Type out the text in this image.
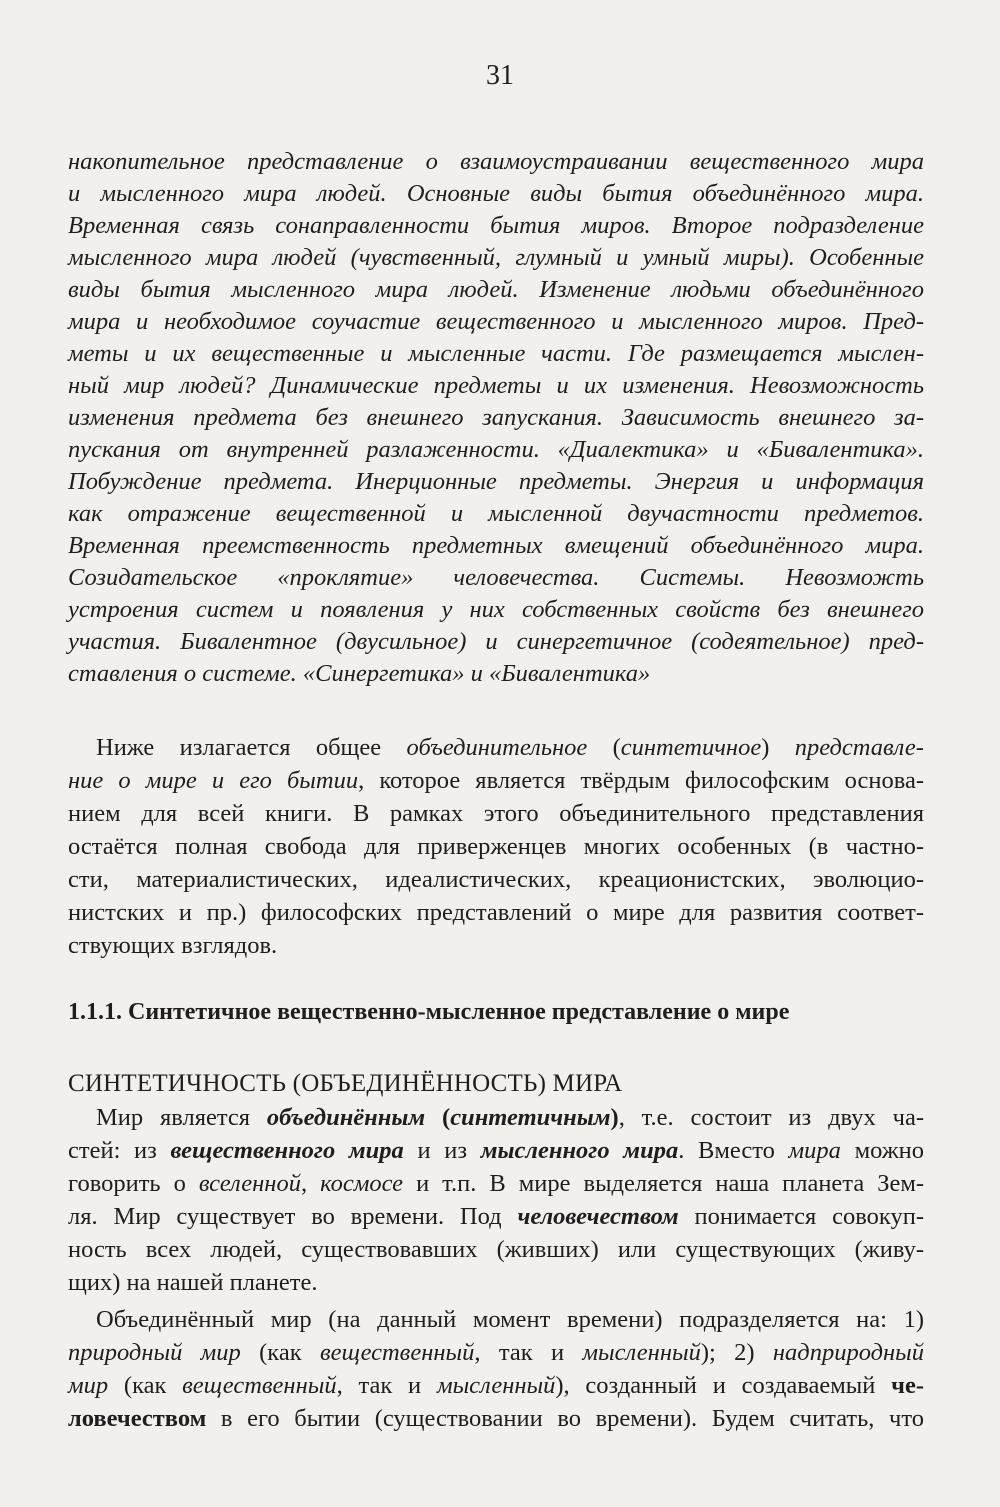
31
накопительное представление о взаимоустраивании вещественного мира
и мысленного мира людей. Основные виды бытия объединённого мира.
Временная связь сонаправленности бытия миров. Второе подразделение
мысленного мира людей (чувственный, глумный и умный миры). Особенные
виды бытия мысленного мира людей. Изменение людьми объединённого
мира и необходимое соучастие вещественного и мысленного миров. Пред-
меты и их вещественные и мысленные части. Где размещается мыслен-
ный мир людей? Динамические предметы и их изменения. Невозможность
изменения предмета без внешнего запускания. Зависимость внешнего за-
пускания от внутренней разлаженности. «Диалектика» и «Бивалентика».
Побуждение предмета. Инерционные предметы. Энергия и информация
как отражение вещественной и мысленной двучастности предметов.
Временная преемственность предметных вмещений объединённого мира.
Созидательское «проклятие» человечества. Системы. Невозможть
устроения систем и появления у них собственных свойств без внешнего
участия. Бивалентное (двусильное) и синергетичное (содеятельное) пред-
ставления о системе. «Синергетика» и «Бивалентика»
Ниже излагается общее объединительное (синтетичное) представле-
ние о мире и его бытии, которое является твёрдым философским основа-
нием для всей книги. В рамках этого объединительного представления
остаётся полная свобода для приверженцев многих особенных (в частно-
сти, материалистических, идеалистических, креационистских, эволюцио-
нистских и пр.) философских представлений о мире для развития соответ-
ствующих взглядов.
1.1.1. Синтетичное вещественно-мысленное представление о мире
СИНТЕТИЧНОСТЬ (ОБЪЕДИНЁННОСТЬ) МИРА
Мир является объединённым (синтетичным), т.е. состоит из двух ча-
стей: из вещественного мира и из мысленного мира. Вместо мира можно
говорить о вселенной, космосе и т.п. В мире выделяется наша планета Зем-
ля. Мир существует во времени. Под человечеством понимается совокуп-
ность всех людей, существовавших (живших) или существующих (живу-
щих) на нашей планете.
Объединённый мир (на данный момент времени) подразделяется на: 1)
природный мир (как вещественный, так и мысленный); 2) надприродный
мир (как вещественный, так и мысленный), созданный и создаваемый че-
ловечеством в его бытии (существовании во времени). Будем считать, что
